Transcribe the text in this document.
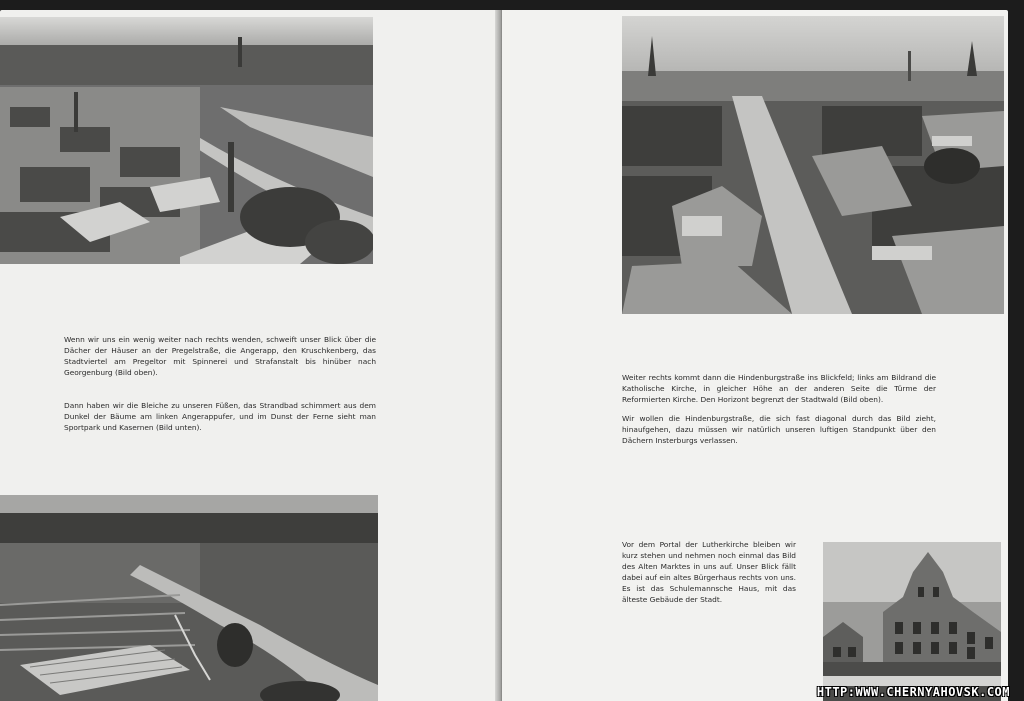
Wenn wir uns ein wenig weiter nach rechts wenden, schweift unser Blick über die Dächer der Häuser an der Pregelstraße, die Angerapp, den Kruschkenberg, das Stadtviertel am Pregeltor mit Spinnerei und Strafanstalt bis hinüber nach Georgenburg (Bild oben).

Dann haben wir die Bleiche zu unseren Füßen, das Strandbad schimmert aus dem Dunkel der Bäume am linken Angerappufer, und im Dunst der Ferne sieht man Sportpark und Kasernen (Bild unten).

Weiter rechts kommt dann die Hindenburgstraße ins Blickfeld; links am Bildrand die Katholische Kirche, in gleicher Höhe an der anderen Seite die Türme der Reformierten Kirche. Den Horizont begrenzt der Stadtwald (Bild oben).

Wir wollen die Hindenburgstraße, die sich fast diagonal durch das Bild zieht, hinaufgehen, dazu müssen wir natürlich unseren luftigen Standpunkt über den Dächern Insterburgs verlassen.

Vor dem Portal der Lutherkirche bleiben wir kurz stehen und nehmen noch einmal das Bild des Alten Marktes in uns auf. Unser Blick fällt dabei auf ein altes Bürgerhaus rechts von uns. Es ist das Schulemannsche Haus, mit das älteste Gebäude der Stadt.

HTTP:WWW.CHERNYAHOVSK.COM
